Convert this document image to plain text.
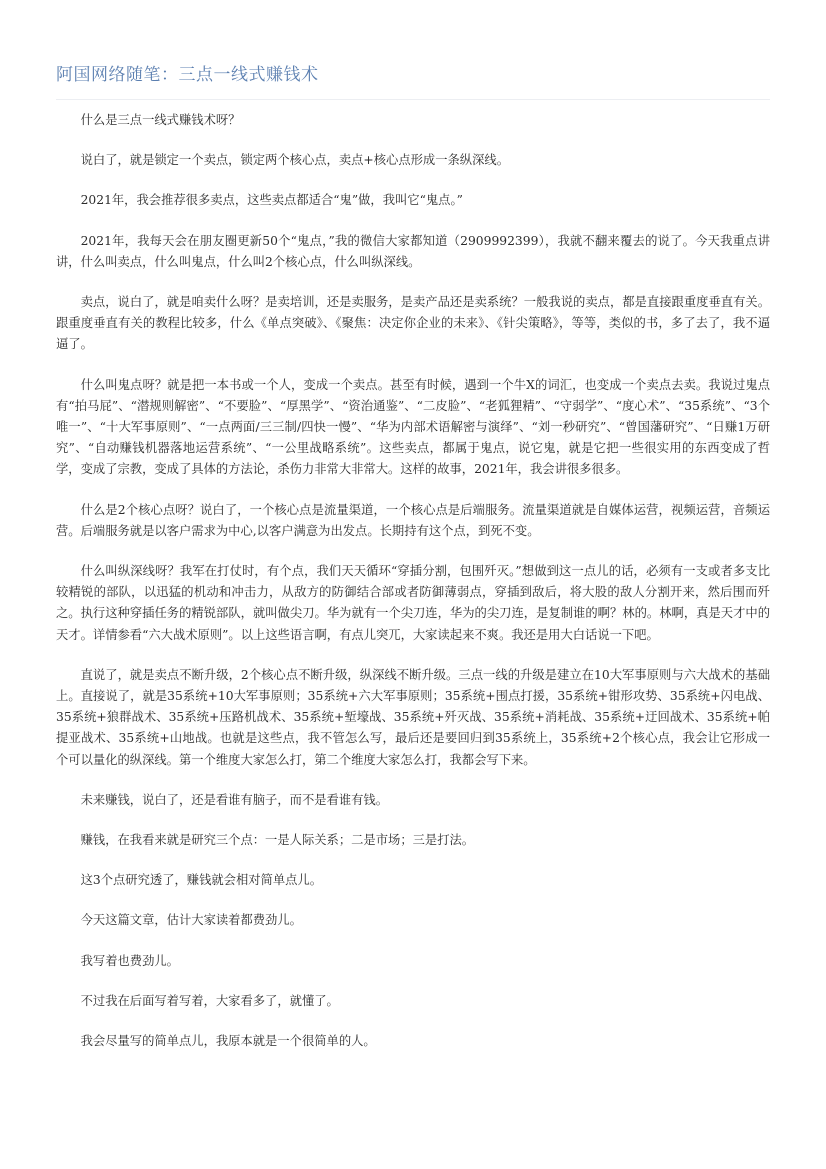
阿国网络随笔：三点一线式赚钱术

什么是三点一线式赚钱术呀？

说白了，就是锁定一个卖点，锁定两个核心点，卖点+核心点形成一条纵深线。

2021年，我会推荐很多卖点，这些卖点都适合“鬼”做，我叫它“鬼点。”

2021年，我每天会在朋友圈更新50个“鬼点，”我的微信大家都知道（2909992399），我就不翻来覆去的说了。今天我重点讲讲，什么叫卖点，什么叫鬼点，什么叫2个核心点，什么叫纵深线。

卖点，说白了，就是咱卖什么呀？是卖培训，还是卖服务，是卖产品还是卖系统？一般我说的卖点，都是直接跟重度垂直有关。跟重度垂直有关的教程比较多，什么《单点突破》、《聚焦：决定你企业的未来》、《针尖策略》，等等，类似的书，多了去了，我不逼逼了。

什么叫鬼点呀？就是把一本书或一个人，变成一个卖点。甚至有时候，遇到一个牛X的词汇，也变成一个卖点去卖。我说过鬼点有“拍马屁”、“潜规则解密”、“不要脸”、“厚黑学”、“资治通鉴”、“二皮脸”、“老狐狸精”、“守弱学”、“度心术”、“35系统”、“3个唯一”、“十大军事原则”、“一点两面/三三制/四快一慢”、“华为内部术语解密与演绎”、“刘一秒研究”、“曾国藩研究”、“日赚1万研究”、“自动赚钱机器落地运营系统”、“一公里战略系统”。这些卖点，都属于鬼点，说它鬼，就是它把一些很实用的东西变成了哲学，变成了宗教，变成了具体的方法论，杀伤力非常大非常大。这样的故事，2021年，我会讲很多很多。

什么是2个核心点呀？说白了，一个核心点是流量渠道，一个核心点是后端服务。流量渠道就是自媒体运营，视频运营，音频运营。后端服务就是以客户需求为中心,以客户满意为出发点。长期持有这个点，到死不变。

什么叫纵深线呀？我军在打仗时，有个点，我们天天循环“穿插分割，包围歼灭。”想做到这一点儿的话，必须有一支或者多支比较精锐的部队，以迅猛的机动和冲击力，从敌方的防御结合部或者防御薄弱点，穿插到敌后，将大股的敌人分割开来，然后围而歼之。执行这种穿插任务的精锐部队，就叫做尖刀。华为就有一个尖刀连，华为的尖刀连，是复制谁的啊？林的。林啊，真是天才中的天才。详情参看“六大战术原则”。以上这些语言啊，有点儿突兀，大家读起来不爽。我还是用大白话说一下吧。

直说了，就是卖点不断升级，2个核心点不断升级，纵深线不断升级。三点一线的升级是建立在10大军事原则与六大战术的基础上。直接说了，就是35系统+10大军事原则；35系统+六大军事原则；35系统+围点打援，35系统+钳形攻势、35系统+闪电战、35系统+狼群战术、35系统+压路机战术、35系统+堑壕战、35系统+歼灭战、35系统+消耗战、35系统+迂回战术、35系统+帕提亚战术、35系统+山地战。也就是这些点，我不管怎么写，最后还是要回归到35系统上，35系统+2个核心点，我会让它形成一个可以量化的纵深线。第一个维度大家怎么打，第二个维度大家怎么打，我都会写下来。

未来赚钱，说白了，还是看谁有脑子，而不是看谁有钱。

赚钱，在我看来就是研究三个点：一是人际关系；二是市场；三是打法。

这3个点研究透了，赚钱就会相对简单点儿。

今天这篇文章，估计大家读着都费劲儿。

我写着也费劲儿。

不过我在后面写着写着，大家看多了，就懂了。

我会尽量写的简单点儿，我原本就是一个很简单的人。
